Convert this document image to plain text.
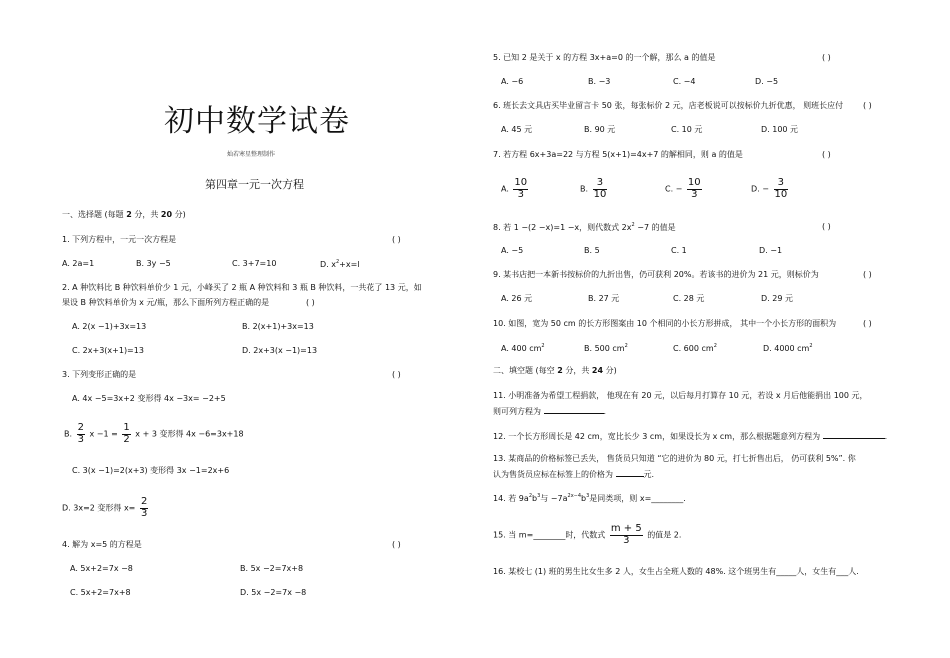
初中数学试卷
灿若寒星整理制作
第四章一元一次方程
一、选择题 (每题 2 分，共 20 分)
1. 下列方程中，一元一次方程是	( )
A. 2a=1	B. 3y −5	C. 3+7=10	D. $x^2+x=l$
2. A 种饮料比 B 种饮料单价少 1 元，小峰买了 2 瓶 A 种饮料和 3 瓶 B 种饮料，一共花了 13 元，如
果设 B 种饮料单价为 x 元/瓶，那么下面所列方程正确的是	( )
A. 2(x −1)+3x=13	B. 2(x+1)+3x=13
C. 2x+3(x+1)=13	D. 2x+3(x −1)=13
3. 下列变形正确的是	( )
A. 4x −5=3x+2 变形得 4x −3x= −2+5
B. $\frac{2}{3}$ $x -1 = \frac{1}{2}$ x + 3 变形得 4x −6=3x+18
C. 3(x −1)=2(x+3) 变形得 3x −1=2x+6
D. 3x=2 变形得 $x= \frac{2}{3}$
4. 解为 x=5 的方程是	( )
A. 5x+2=7x −8	B. 5x −2=7x+8
C. 5x+2=7x+8	D. 5x −2=7x −8
5. 已知 2 是关于 x 的方程 3x+a=0 的一个解，那么 a 的值是	( )
A. −6	B. −3	C. −4	D. −5
6. 班长去文具店买毕业留言卡 50 张，每张标价 2 元，店老板说可以按标价九折优惠， 则班长应付 ( )
A. 45 元	B. 90 元	C. 10 元	D. 100 元
7. 若方程 6x+3a=22 与方程 5(x+1)=4x+7 的解相同，则 a 的值是	( )
A. $\frac{10}{3}$	B. $\frac{3}{10}$	C. − $\frac{10}{3}$	D. − $\frac{3}{10}$
8. 若 1 −(2 −x)=1 −x，则代数式 $2x^2 -7$ 的值是	( )
A. −5	B. 5	C. 1	D. −1
9. 某书店把一本新书按标价的九折出售，仍可获利 20%。若该书的进价为 21 元，则标价为	( )
A. 26 元	B. 27 元	C. 28 元	D. 29 元
10. 如图，宽为 50 cm 的长方形图案由 10 个相同的小长方形拼成， 其中一个小长方形的面积为	( )
A. 400 $cm^2$	B. 500 $cm^2$	C. 600 $cm^2$	D. 4000 $cm^2$
二、填空题 (每空 2 分，共 24 分)
11. 小明准备为希望工程捐款， 他现在有 20 元，以后每月打算存 10 元，若设 x 月后他能捐出 100 元，
则可列方程为	.
12. 一个长方形周长是 42 cm，宽比长少 3 cm，如果设长为 x cm，那么根据题意列方程为	.
13. 某商品的价格标签已丢失， 售货员只知道 “它的进价为 80 元，打七折售出后， 仍可获利 5%”. 你
认为售货员应标在标签上的价格为	元.
14. 若 $9a^2b^3$与 $-7a^{2x-4}b^3$是同类项，则 x=________.
15. 当 m=________时，代数式 $\frac{m + 5}{3}$ 的值是 2.
16. 某校七 (1) 班的男生比女生多 2 人，女生占全班人数的 48%. 这个班男生有_____人，女生有___人.
